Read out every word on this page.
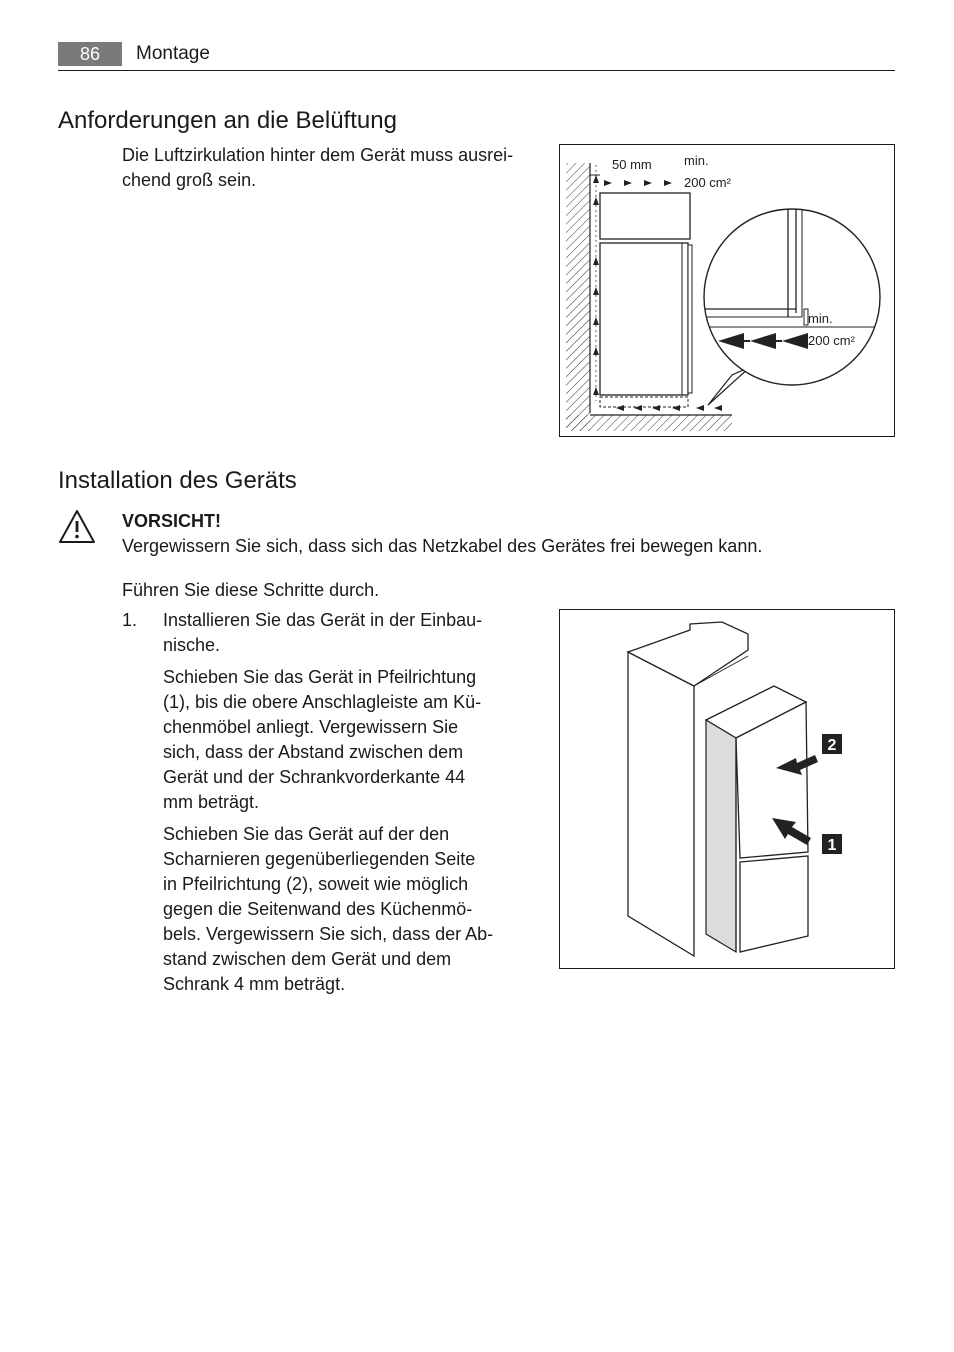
86	Montage
Anforderungen an die Belüftung
Die Luftzirkulation hinter dem Gerät muss ausrei-
chend groß sein.
50 mm min.
200 cm²
min.
200 cm²
Installation des Geräts
VORSICHT!
Vergewissern Sie sich, dass sich das Netzkabel des Gerätes frei bewegen kann.
Führen Sie diese Schritte durch.
1. Installieren Sie das Gerät in der Einbau-
nische.
Schieben Sie das Gerät in Pfeilrichtung
(1), bis die obere Anschlagleiste am Kü-
chenmöbel anliegt. Vergewissern Sie
sich, dass der Abstand zwischen dem
Gerät und der Schrankvorderkante 44
mm beträgt.
Schieben Sie das Gerät auf der den
Scharnieren gegenüberliegenden Seite
in Pfeilrichtung (2), soweit wie möglich
gegen die Seitenwand des Küchenmö-
bels. Vergewissern Sie sich, dass der Ab-
stand zwischen dem Gerät und dem
Schrank 4 mm beträgt.
2
1
